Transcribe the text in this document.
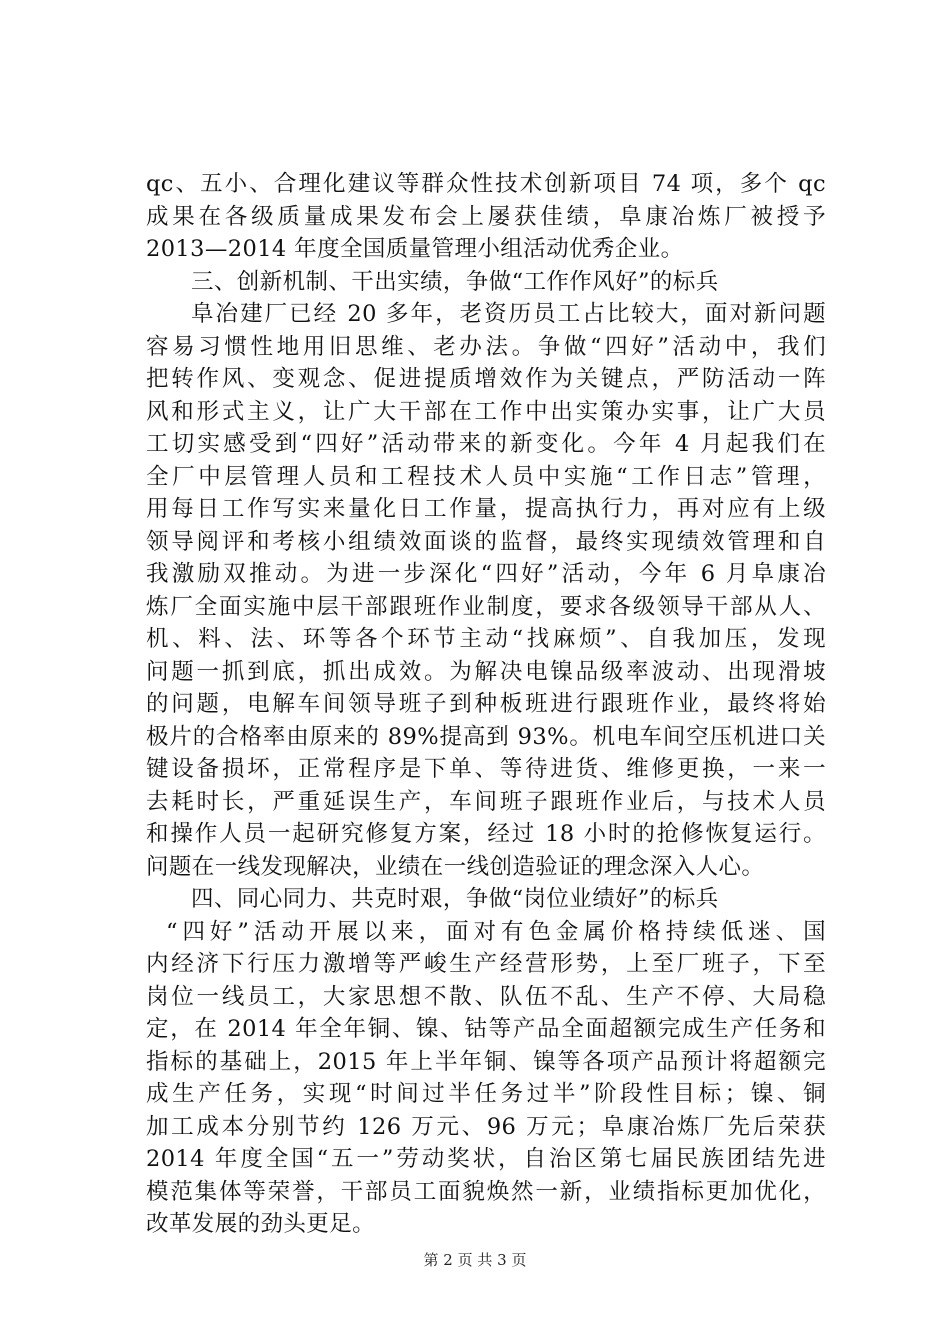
qc、五小、合理化建议等群众性技术创新项目 74 项，多个 qc
成果在各级质量成果发布会上屡获佳绩，阜康冶炼厂被授予
2013—2014 年度全国质量管理小组活动优秀企业。
三、创新机制、干出实绩，争做“工作作风好”的标兵
阜冶建厂已经 20 多年，老资历员工占比较大，面对新问题
容易习惯性地用旧思维、老办法。争做“四好”活动中，我们
把转作风、变观念、促进提质增效作为关键点，严防活动一阵
风和形式主义，让广大干部在工作中出实策办实事，让广大员
工切实感受到“四好”活动带来的新变化。今年 4 月起我们在
全厂中层管理人员和工程技术人员中实施“工作日志”管理，
用每日工作写实来量化日工作量，提高执行力，再对应有上级
领导阅评和考核小组绩效面谈的监督，最终实现绩效管理和自
我激励双推动。为进一步深化“四好”活动，今年 6 月阜康冶
炼厂全面实施中层干部跟班作业制度，要求各级领导干部从人、
机、料、法、环等各个环节主动“找麻烦”、自我加压，发现
问题一抓到底，抓出成效。为解决电镍品级率波动、出现滑坡
的问题，电解车间领导班子到种板班进行跟班作业，最终将始
极片的合格率由原来的 89%提高到 93%。机电车间空压机进口关
键设备损坏，正常程序是下单、等待进货、维修更换，一来一
去耗时长，严重延误生产，车间班子跟班作业后，与技术人员
和操作人员一起研究修复方案，经过 18 小时的抢修恢复运行。
问题在一线发现解决，业绩在一线创造验证的理念深入人心。
四、同心同力、共克时艰，争做“岗位业绩好”的标兵
“四好”活动开展以来，面对有色金属价格持续低迷、国
内经济下行压力激增等严峻生产经营形势，上至厂班子，下至
岗位一线员工，大家思想不散、队伍不乱、生产不停、大局稳
定，在 2014 年全年铜、镍、钴等产品全面超额完成生产任务和
指标的基础上，2015 年上半年铜、镍等各项产品预计将超额完
成生产任务，实现“时间过半任务过半”阶段性目标；镍、铜
加工成本分别节约 126 万元、96 万元；阜康冶炼厂先后荣获
2014 年度全国“五一”劳动奖状，自治区第七届民族团结先进
模范集体等荣誉，干部员工面貌焕然一新，业绩指标更加优化，
改革发展的劲头更足。
第 2 页 共 3 页
